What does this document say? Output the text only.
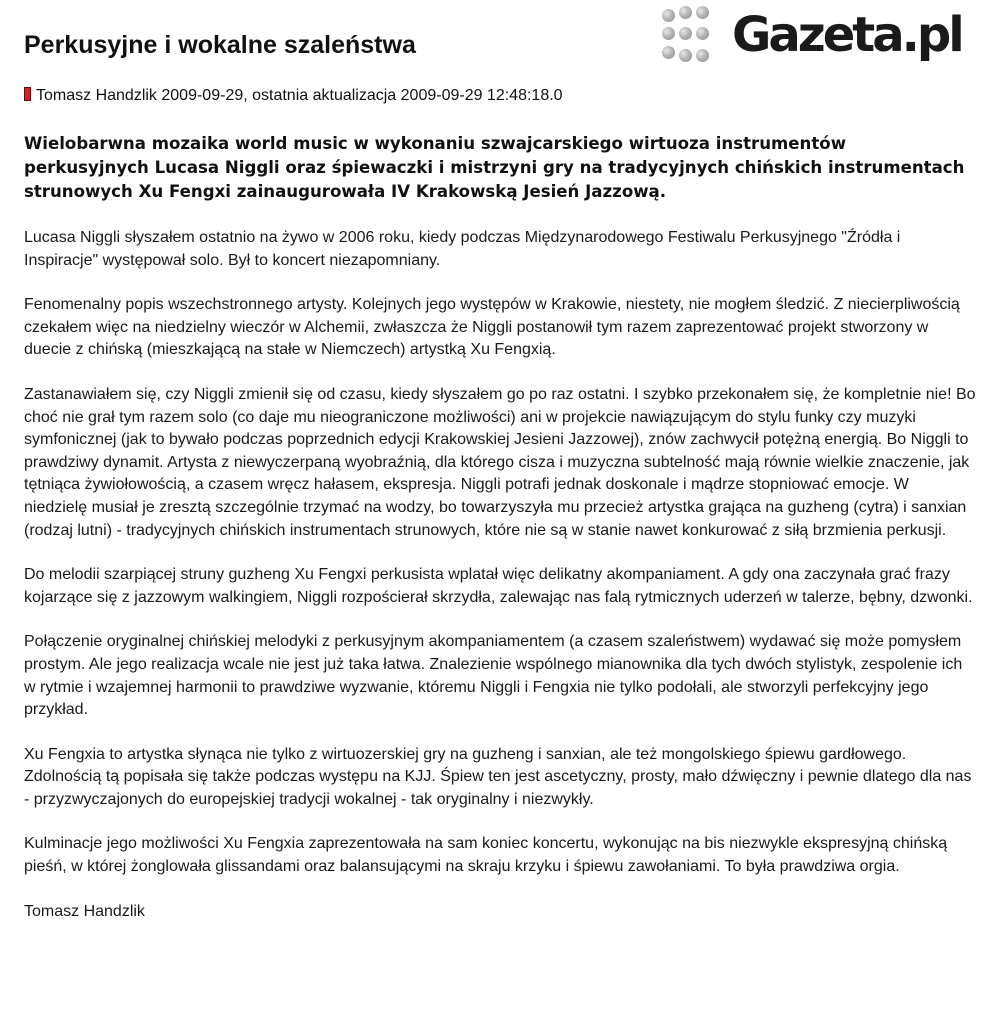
Gazeta.pl
Perkusyjne i wokalne szaleństwa
Tomasz Handzlik 2009-09-29, ostatnia aktualizacja 2009-09-29 12:48:18.0

Wielobarwna mozaika world music w wykonaniu szwajcarskiego wirtuoza instrumentów perkusyjnych Lucasa Niggli oraz śpiewaczki i mistrzyni gry na tradycyjnych chińskich instrumentach strunowych Xu Fengxi zainaugurowała IV Krakowską Jesień Jazzową.

Lucasa Niggli słyszałem ostatnio na żywo w 2006 roku, kiedy podczas Międzynarodowego Festiwalu Perkusyjnego "Źródła i Inspiracje" występował solo. Był to koncert niezapomniany.

Fenomenalny popis wszechstronnego artysty. Kolejnych jego występów w Krakowie, niestety, nie mogłem śledzić. Z niecierpliwością czekałem więc na niedzielny wieczór w Alchemii, zwłaszcza że Niggli postanowił tym razem zaprezentować projekt stworzony w duecie z chińską (mieszkającą na stałe w Niemczech) artystką Xu Fengxią.

Zastanawiałem się, czy Niggli zmienił się od czasu, kiedy słyszałem go po raz ostatni. I szybko przekonałem się, że kompletnie nie! Bo choć nie grał tym razem solo (co daje mu nieograniczone możliwości) ani w projekcie nawiązującym do stylu funky czy muzyki symfonicznej (jak to bywało podczas poprzednich edycji Krakowskiej Jesieni Jazzowej), znów zachwycił potężną energią. Bo Niggli to prawdziwy dynamit. Artysta z niewyczerpaną wyobraźnią, dla którego cisza i muzyczna subtelność mają równie wielkie znaczenie, jak tętniąca żywiołowością, a czasem wręcz hałasem, ekspresja. Niggli potrafi jednak doskonale i mądrze stopniować emocje. W niedzielę musiał je zresztą szczególnie trzymać na wodzy, bo towarzyszyła mu przecież artystka grająca na guzheng (cytra) i sanxian (rodzaj lutni) - tradycyjnych chińskich instrumentach strunowych, które nie są w stanie nawet konkurować z siłą brzmienia perkusji.

Do melodii szarpiącej struny guzheng Xu Fengxi perkusista wplatał więc delikatny akompaniament. A gdy ona zaczynała grać frazy kojarzące się z jazzowym walkingiem, Niggli rozpościerał skrzydła, zalewając nas falą rytmicznych uderzeń w talerze, bębny, dzwonki.

Połączenie oryginalnej chińskiej melodyki z perkusyjnym akompaniamentem (a czasem szaleństwem) wydawać się może pomysłem prostym. Ale jego realizacja wcale nie jest już taka łatwa. Znalezienie wspólnego mianownika dla tych dwóch stylistyk, zespolenie ich w rytmie i wzajemnej harmonii to prawdziwe wyzwanie, któremu Niggli i Fengxia nie tylko podołali, ale stworzyli perfekcyjny jego przykład.

Xu Fengxia to artystka słynąca nie tylko z wirtuozerskiej gry na guzheng i sanxian, ale też mongolskiego śpiewu gardłowego. Zdolnością tą popisała się także podczas występu na KJJ. Śpiew ten jest ascetyczny, prosty, mało dźwięczny i pewnie dlatego dla nas - przyzwyczajonych do europejskiej tradycji wokalnej - tak oryginalny i niezwykły.

Kulminacje jego możliwości Xu Fengxia zaprezentowała na sam koniec koncertu, wykonując na bis niezwykle ekspresyjną chińską pieśń, w której żonglowała glissandami oraz balansującymi na skraju krzyku i śpiewu zawołaniami. To była prawdziwa orgia.

Tomasz Handzlik
